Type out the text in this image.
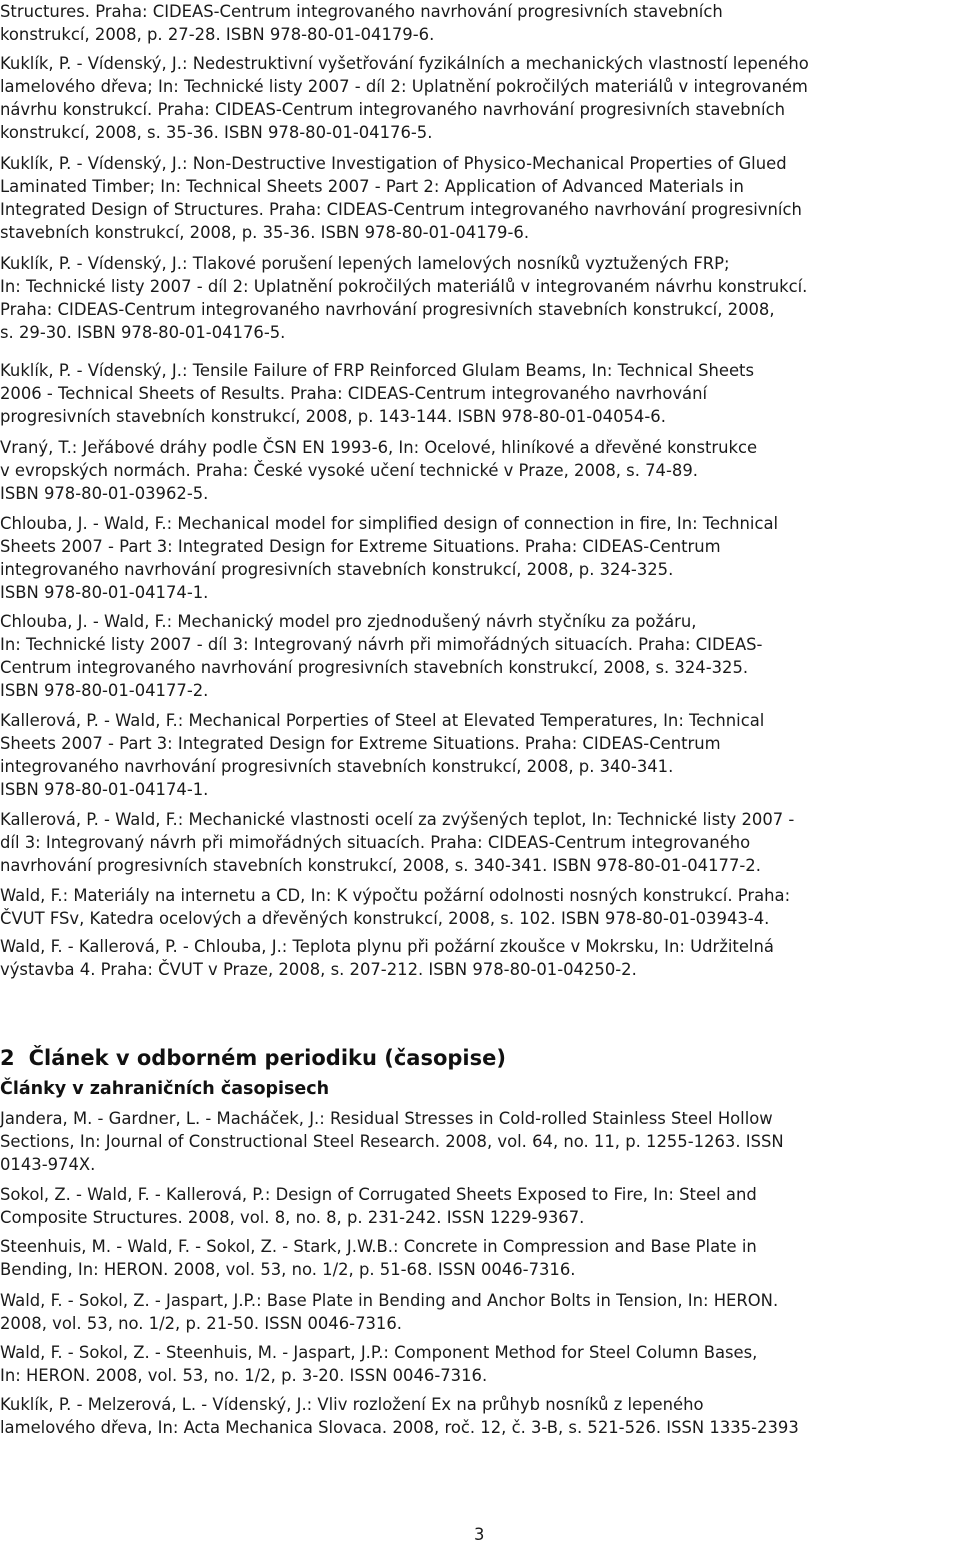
Structures. Praha: CIDEAS-Centrum integrovaného navrhování progresivních stavebních
konstrukcí, 2008, p. 27-28. ISBN 978-80-01-04179-6.
Kuklík, P. - Vídenský, J.: Nedestruktivní vyšetřování fyzikálních a mechanických vlastností lepeného
lamelového dřeva; In: Technické listy 2007 - díl 2: Uplatnění pokročilých materiálů v integrovaném
návrhu konstrukcí. Praha: CIDEAS-Centrum integrovaného navrhování progresivních stavebních
konstrukcí, 2008, s. 35-36. ISBN 978-80-01-04176-5.
Kuklík, P. - Vídenský, J.: Non-Destructive Investigation of Physico-Mechanical Properties of Glued
Laminated Timber; In: Technical Sheets 2007 - Part 2: Application of Advanced Materials in
Integrated Design of Structures. Praha: CIDEAS-Centrum integrovaného navrhování progresivních
stavebních konstrukcí, 2008, p. 35-36. ISBN 978-80-01-04179-6.
Kuklík, P. - Vídenský, J.: Tlakové porušení lepených lamelových nosníků vyztužených FRP;
In: Technické listy 2007 - díl 2: Uplatnění pokročilých materiálů v integrovaném návrhu konstrukcí.
Praha: CIDEAS-Centrum integrovaného navrhování progresivních stavebních konstrukcí, 2008,
s. 29-30. ISBN 978-80-01-04176-5.
Kuklík, P. - Vídenský, J.: Tensile Failure of FRP Reinforced Glulam Beams, In: Technical Sheets
2006 - Technical Sheets of Results. Praha: CIDEAS-Centrum integrovaného navrhování
progresivních stavebních konstrukcí, 2008, p. 143-144. ISBN 978-80-01-04054-6.
Vraný, T.: Jeřábové dráhy podle ČSN EN 1993-6, In: Ocelové, hliníkové a dřevěné konstrukce
v evropských normách. Praha: České vysoké učení technické v Praze, 2008, s. 74-89.
ISBN 978-80-01-03962-5.
Chlouba, J. - Wald, F.: Mechanical model for simplified design of connection in fire, In: Technical
Sheets 2007 - Part 3: Integrated Design for Extreme Situations. Praha: CIDEAS-Centrum
integrovaného navrhování progresivních stavebních konstrukcí, 2008, p. 324-325.
ISBN 978-80-01-04174-1.
Chlouba, J. - Wald, F.: Mechanický model pro zjednodušený návrh styčníku za požáru,
In: Technické listy 2007 - díl 3: Integrovaný návrh při mimořádných situacích. Praha: CIDEAS-
Centrum integrovaného navrhování progresivních stavebních konstrukcí, 2008, s. 324-325.
ISBN 978-80-01-04177-2.
Kallerová, P. - Wald, F.: Mechanical Porperties of Steel at Elevated Temperatures, In: Technical
Sheets 2007 - Part 3: Integrated Design for Extreme Situations. Praha: CIDEAS-Centrum
integrovaného navrhování progresivních stavebních konstrukcí, 2008, p. 340-341.
ISBN 978-80-01-04174-1.
Kallerová, P. - Wald, F.: Mechanické vlastnosti ocelí za zvýšených teplot, In: Technické listy 2007 -
díl 3: Integrovaný návrh při mimořádných situacích. Praha: CIDEAS-Centrum integrovaného
navrhování progresivních stavebních konstrukcí, 2008, s. 340-341. ISBN 978-80-01-04177-2.
Wald, F.: Materiály na internetu a CD, In: K výpočtu požární odolnosti nosných konstrukcí. Praha:
ČVUT FSv, Katedra ocelových a dřevěných konstrukcí, 2008, s. 102. ISBN 978-80-01-03943-4.
Wald, F. - Kallerová, P. - Chlouba, J.: Teplota plynu při požární zkoušce v Mokrsku, In: Udržitelná
výstavba 4. Praha: ČVUT v Praze, 2008, s. 207-212. ISBN 978-80-01-04250-2.
2 Článek v odborném periodiku (časopise)
Články v zahraničních časopisech
Jandera, M. - Gardner, L. - Macháček, J.: Residual Stresses in Cold-rolled Stainless Steel Hollow
Sections, In: Journal of Constructional Steel Research. 2008, vol. 64, no. 11, p. 1255-1263. ISSN
0143-974X.
Sokol, Z. - Wald, F. - Kallerová, P.: Design of Corrugated Sheets Exposed to Fire, In: Steel and
Composite Structures. 2008, vol. 8, no. 8, p. 231-242. ISSN 1229-9367.
Steenhuis, M. - Wald, F. - Sokol, Z. - Stark, J.W.B.: Concrete in Compression and Base Plate in
Bending, In: HERON. 2008, vol. 53, no. 1/2, p. 51-68. ISSN 0046-7316.
Wald, F. - Sokol, Z. - Jaspart, J.P.: Base Plate in Bending and Anchor Bolts in Tension, In: HERON.
2008, vol. 53, no. 1/2, p. 21-50. ISSN 0046-7316.
Wald, F. - Sokol, Z. - Steenhuis, M. - Jaspart, J.P.: Component Method for Steel Column Bases,
In: HERON. 2008, vol. 53, no. 1/2, p. 3-20. ISSN 0046-7316.
Kuklík, P. - Melzerová, L. - Vídenský, J.: Vliv rozložení Ex na průhyb nosníků z lepeného
lamelového dřeva, In: Acta Mechanica Slovaca. 2008, roč. 12, č. 3-B, s. 521-526. ISSN 1335-2393
3
